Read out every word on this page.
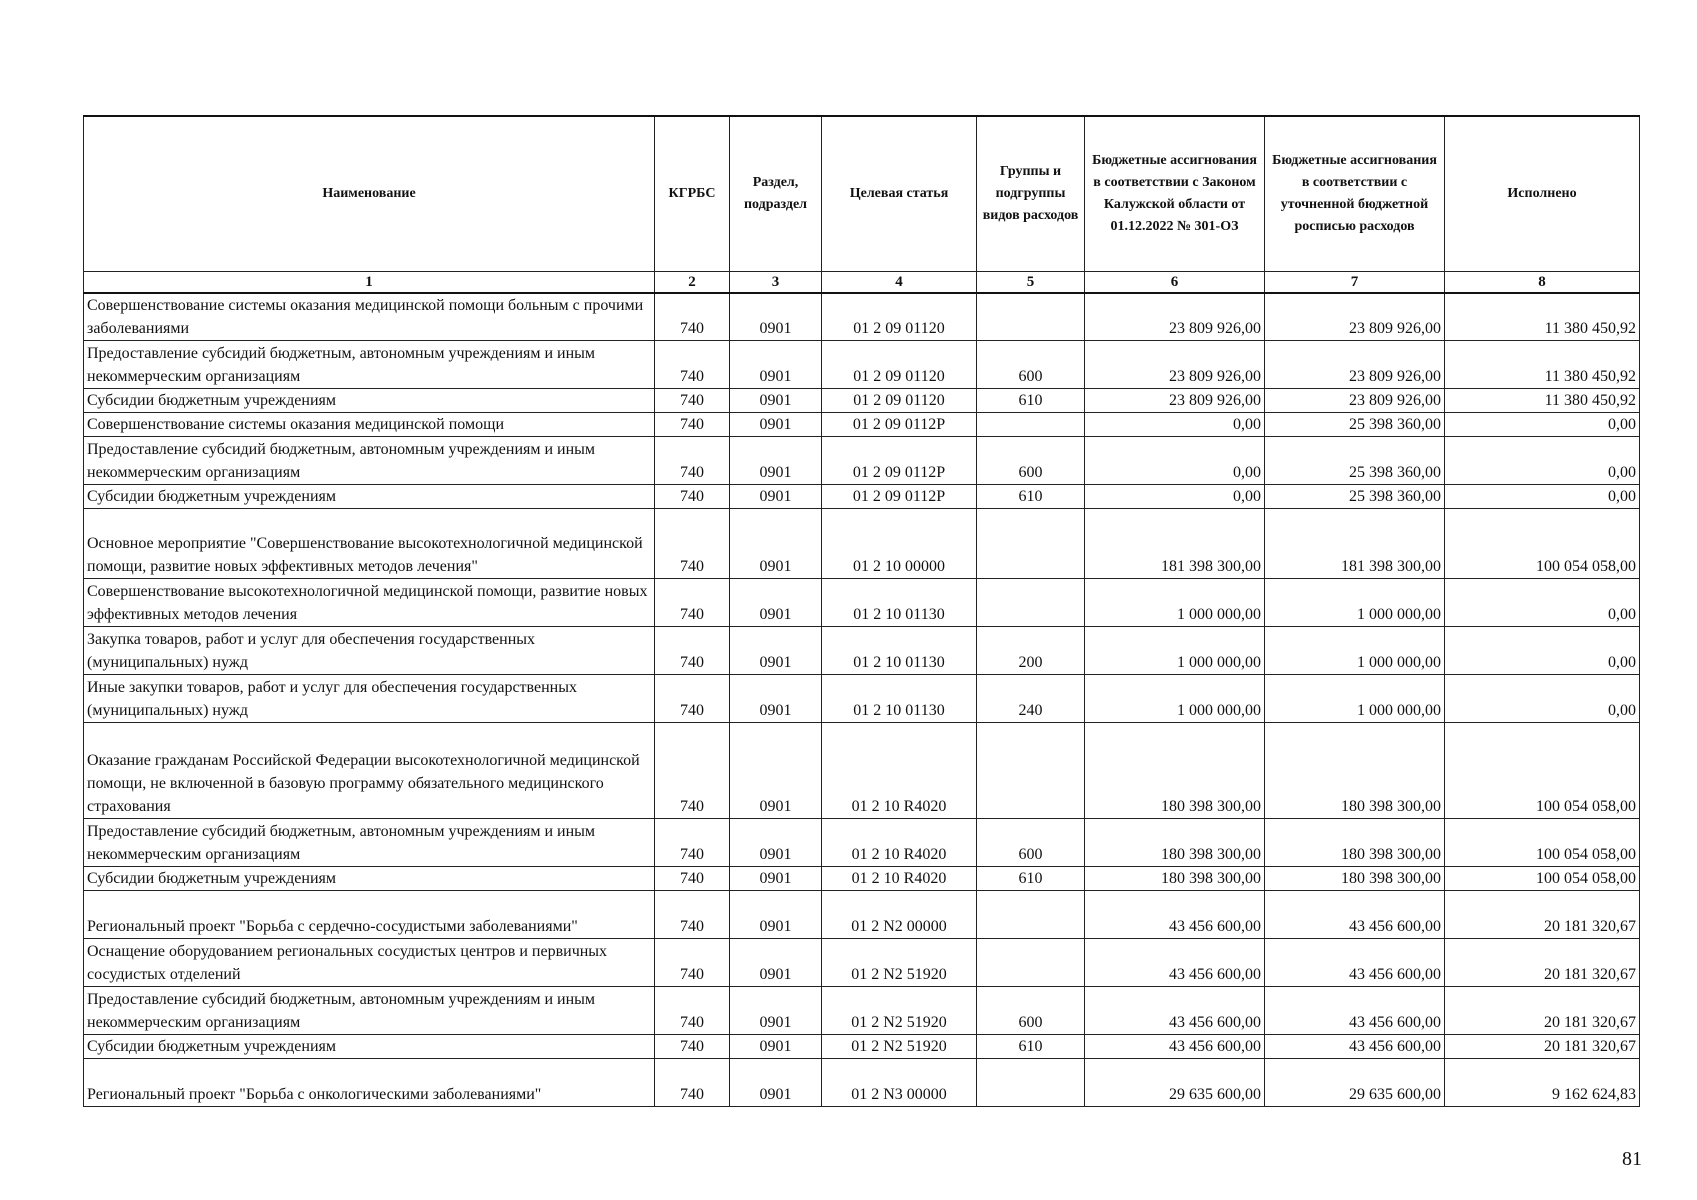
Наименование	КГРБС	Раздел, подраздел	Целевая статья	Группы и подгруппы видов расходов	Бюджетные ассигнования в соответствии с Законом Калужской области от 01.12.2022 № 301-ОЗ	Бюджетные ассигнования в соответствии с уточненной бюджетной росписью расходов	Исполнено
1	2	3	4	5	6	7	8
Совершенствование системы оказания медицинской помощи больным с прочими заболеваниями	740	0901	01 2 09 01120		23 809 926,00	23 809 926,00	11 380 450,92
Предоставление субсидий бюджетным, автономным учреждениям и иным некоммерческим организациям	740	0901	01 2 09 01120	600	23 809 926,00	23 809 926,00	11 380 450,92
Субсидии бюджетным учреждениям	740	0901	01 2 09 01120	610	23 809 926,00	23 809 926,00	11 380 450,92
Совершенствование системы оказания медицинской помощи	740	0901	01 2 09 0112Р		0,00	25 398 360,00	0,00
Предоставление субсидий бюджетным, автономным учреждениям и иным некоммерческим организациям	740	0901	01 2 09 0112Р	600	0,00	25 398 360,00	0,00
Субсидии бюджетным учреждениям	740	0901	01 2 09 0112Р	610	0,00	25 398 360,00	0,00
Основное мероприятие "Совершенствование высокотехнологичной медицинской помощи, развитие новых эффективных методов лечения"	740	0901	01 2 10 00000		181 398 300,00	181 398 300,00	100 054 058,00
Совершенствование высокотехнологичной медицинской помощи, развитие новых эффективных методов лечения	740	0901	01 2 10 01130		1 000 000,00	1 000 000,00	0,00
Закупка товаров, работ и услуг для обеспечения государственных (муниципальных) нужд	740	0901	01 2 10 01130	200	1 000 000,00	1 000 000,00	0,00
Иные закупки товаров, работ и услуг для обеспечения государственных (муниципальных) нужд	740	0901	01 2 10 01130	240	1 000 000,00	1 000 000,00	0,00
Оказание гражданам Российской Федерации высокотехнологичной медицинской помощи, не включенной в базовую программу обязательного медицинского страхования	740	0901	01 2 10 R4020		180 398 300,00	180 398 300,00	100 054 058,00
Предоставление субсидий бюджетным, автономным учреждениям и иным некоммерческим организациям	740	0901	01 2 10 R4020	600	180 398 300,00	180 398 300,00	100 054 058,00
Субсидии бюджетным учреждениям	740	0901	01 2 10 R4020	610	180 398 300,00	180 398 300,00	100 054 058,00
Региональный проект "Борьба с сердечно-сосудистыми заболеваниями"	740	0901	01 2 N2 00000		43 456 600,00	43 456 600,00	20 181 320,67
Оснащение оборудованием региональных сосудистых центров и первичных сосудистых отделений	740	0901	01 2 N2 51920		43 456 600,00	43 456 600,00	20 181 320,67
Предоставление субсидий бюджетным, автономным учреждениям и иным некоммерческим организациям	740	0901	01 2 N2 51920	600	43 456 600,00	43 456 600,00	20 181 320,67
Субсидии бюджетным учреждениям	740	0901	01 2 N2 51920	610	43 456 600,00	43 456 600,00	20 181 320,67
Региональный проект "Борьба с онкологическими заболеваниями"	740	0901	01 2 N3 00000		29 635 600,00	29 635 600,00	9 162 624,83
81
